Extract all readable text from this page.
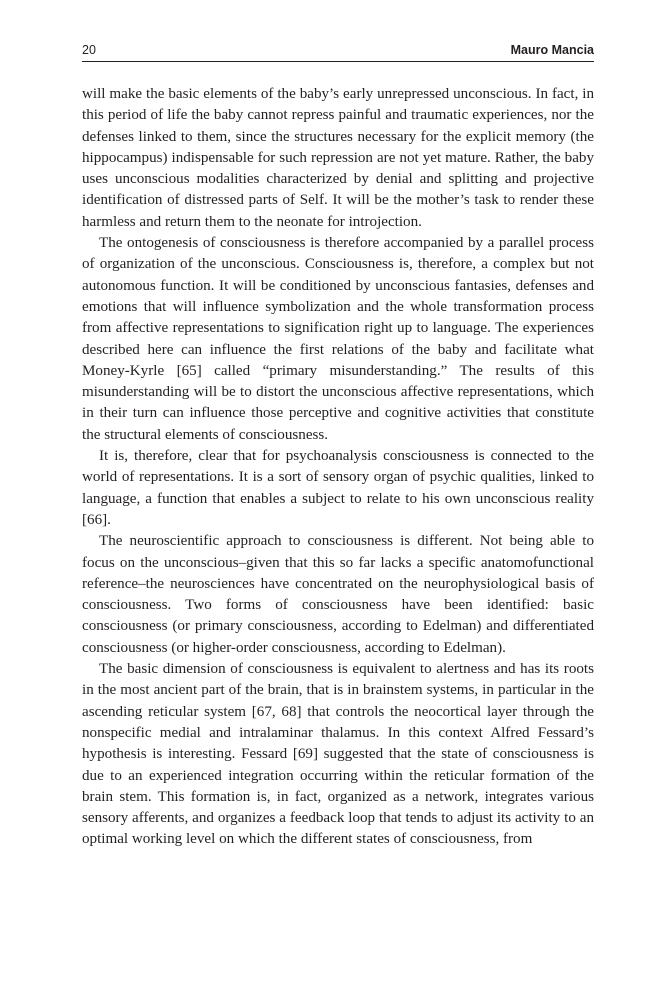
20	Mauro Mancia

will make the basic elements of the baby’s early unrepressed unconscious. In fact, in this period of life the baby cannot repress painful and traumatic experiences, nor the defenses linked to them, since the structures necessary for the explicit memory (the hippocampus) indispensable for such repression are not yet mature. Rather, the baby uses unconscious modalities characterized by denial and splitting and projective identification of distressed parts of Self. It will be the mother’s task to render these harmless and return them to the neonate for introjection.

The ontogenesis of consciousness is therefore accompanied by a parallel process of organization of the unconscious. Consciousness is, therefore, a complex but not autonomous function. It will be conditioned by unconscious fantasies, defenses and emotions that will influence symbolization and the whole transformation process from affective representations to signification right up to language. The experiences described here can influence the first relations of the baby and facilitate what Money-Kyrle [65] called “primary misunderstanding.” The results of this misunderstanding will be to distort the unconscious affective representations, which in their turn can influence those perceptive and cognitive activities that constitute the structural elements of consciousness.

It is, therefore, clear that for psychoanalysis consciousness is connected to the world of representations. It is a sort of sensory organ of psychic qualities, linked to language, a function that enables a subject to relate to his own unconscious reality [66].

The neuroscientific approach to consciousness is different. Not being able to focus on the unconscious–given that this so far lacks a specific anatomofunctional reference–the neurosciences have concentrated on the neurophysiological basis of consciousness. Two forms of consciousness have been identified: basic consciousness (or primary consciousness, according to Edelman) and differentiated consciousness (or higher-order consciousness, according to Edelman).

The basic dimension of consciousness is equivalent to alertness and has its roots in the most ancient part of the brain, that is in brainstem systems, in particular in the ascending reticular system [67, 68] that controls the neocortical layer through the nonspecific medial and intralaminar thalamus. In this context Alfred Fessard’s hypothesis is interesting. Fessard [69] suggested that the state of consciousness is due to an experienced integration occurring within the reticular formation of the brain stem. This formation is, in fact, organized as a network, integrates various sensory afferents, and organizes a feedback loop that tends to adjust its activity to an optimal working level on which the different states of consciousness, from
